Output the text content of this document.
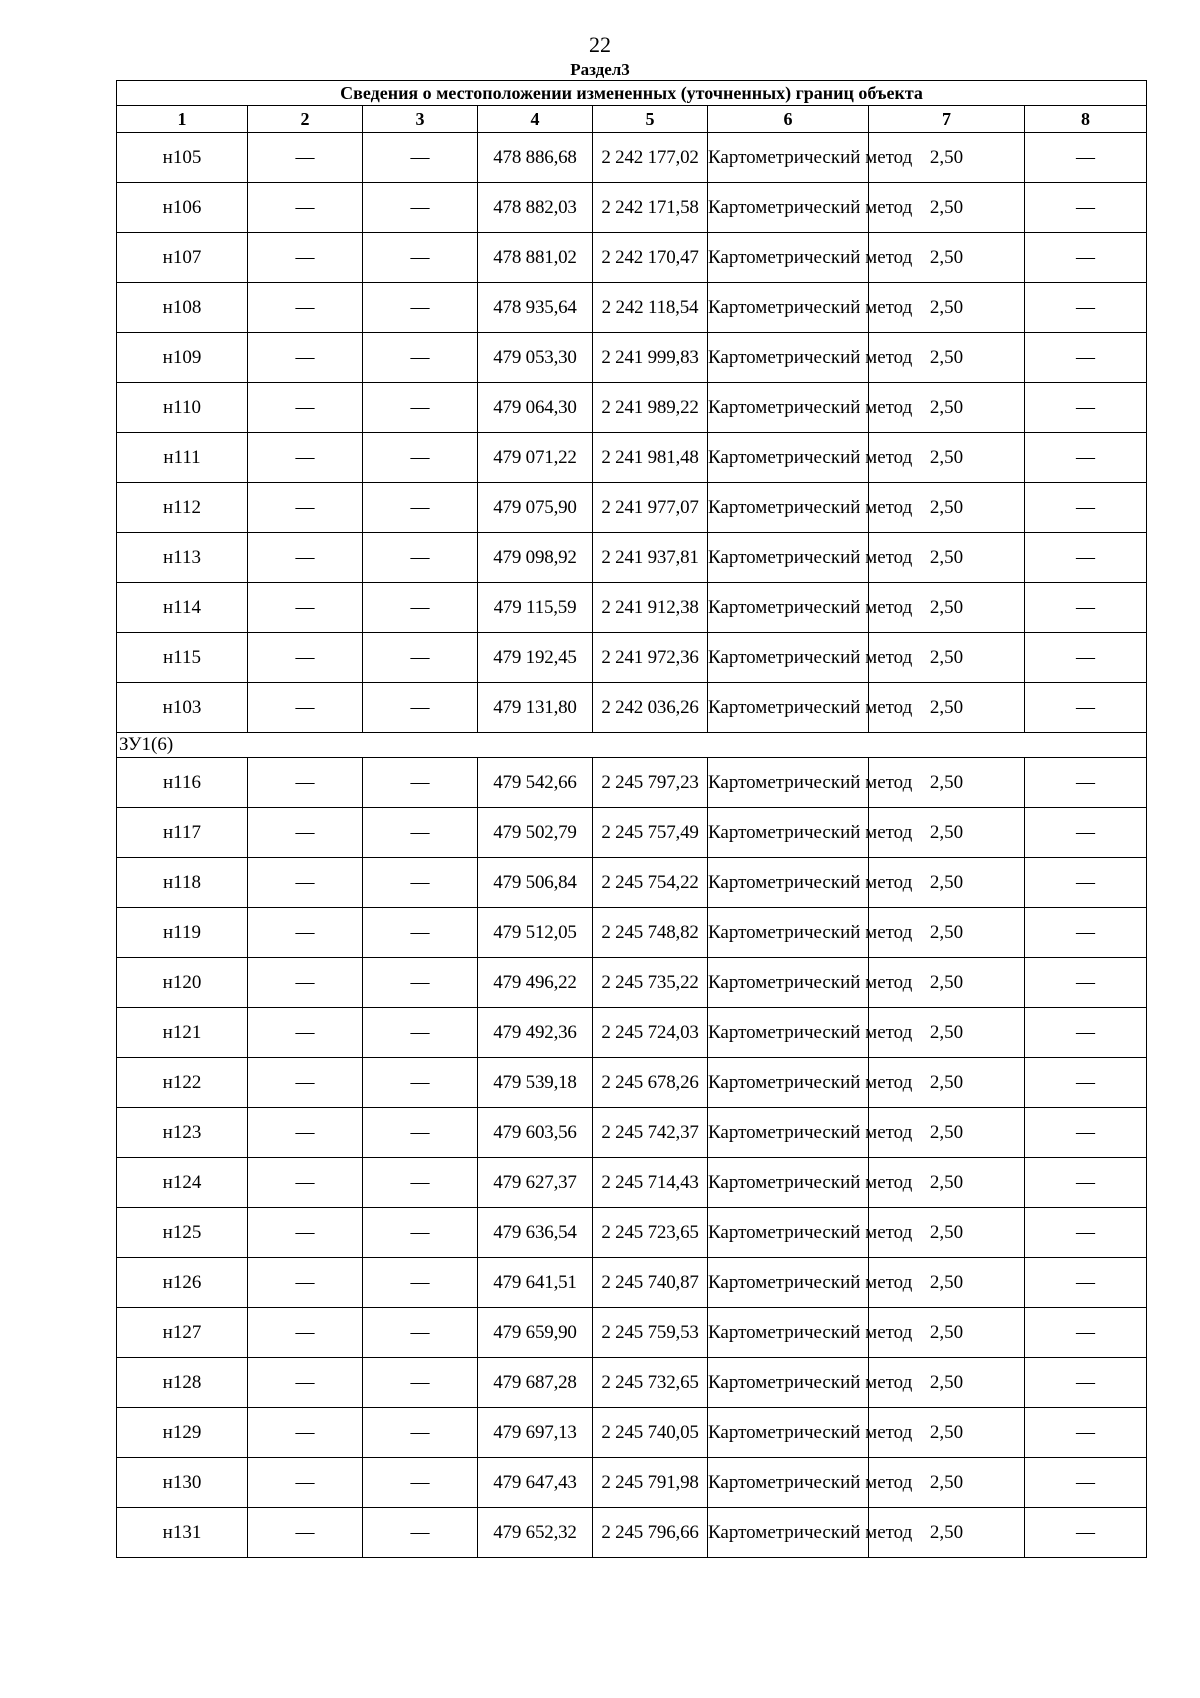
22
Раздел3
Сведения о местоположении измененных (уточненных) границ объекта							
1	2	3	4	5	6	7	8
н105	—	—	478 886,68	2 242 177,02	Картометрический метод	2,50	—
н106	—	—	478 882,03	2 242 171,58	Картометрический метод	2,50	—
н107	—	—	478 881,02	2 242 170,47	Картометрический метод	2,50	—
н108	—	—	478 935,64	2 242 118,54	Картометрический метод	2,50	—
н109	—	—	479 053,30	2 241 999,83	Картометрический метод	2,50	—
н110	—	—	479 064,30	2 241 989,22	Картометрический метод	2,50	—
н111	—	—	479 071,22	2 241 981,48	Картометрический метод	2,50	—
н112	—	—	479 075,90	2 241 977,07	Картометрический метод	2,50	—
н113	—	—	479 098,92	2 241 937,81	Картометрический метод	2,50	—
н114	—	—	479 115,59	2 241 912,38	Картометрический метод	2,50	—
н115	—	—	479 192,45	2 241 972,36	Картометрический метод	2,50	—
н103	—	—	479 131,80	2 242 036,26	Картометрический метод	2,50	—
ЗУ1(6)							
н116	—	—	479 542,66	2 245 797,23	Картометрический метод	2,50	—
н117	—	—	479 502,79	2 245 757,49	Картометрический метод	2,50	—
н118	—	—	479 506,84	2 245 754,22	Картометрический метод	2,50	—
н119	—	—	479 512,05	2 245 748,82	Картометрический метод	2,50	—
н120	—	—	479 496,22	2 245 735,22	Картометрический метод	2,50	—
н121	—	—	479 492,36	2 245 724,03	Картометрический метод	2,50	—
н122	—	—	479 539,18	2 245 678,26	Картометрический метод	2,50	—
н123	—	—	479 603,56	2 245 742,37	Картометрический метод	2,50	—
н124	—	—	479 627,37	2 245 714,43	Картометрический метод	2,50	—
н125	—	—	479 636,54	2 245 723,65	Картометрический метод	2,50	—
н126	—	—	479 641,51	2 245 740,87	Картометрический метод	2,50	—
н127	—	—	479 659,90	2 245 759,53	Картометрический метод	2,50	—
н128	—	—	479 687,28	2 245 732,65	Картометрический метод	2,50	—
н129	—	—	479 697,13	2 245 740,05	Картометрический метод	2,50	—
н130	—	—	479 647,43	2 245 791,98	Картометрический метод	2,50	—
н131	—	—	479 652,32	2 245 796,66	Картометрический метод	2,50	—
